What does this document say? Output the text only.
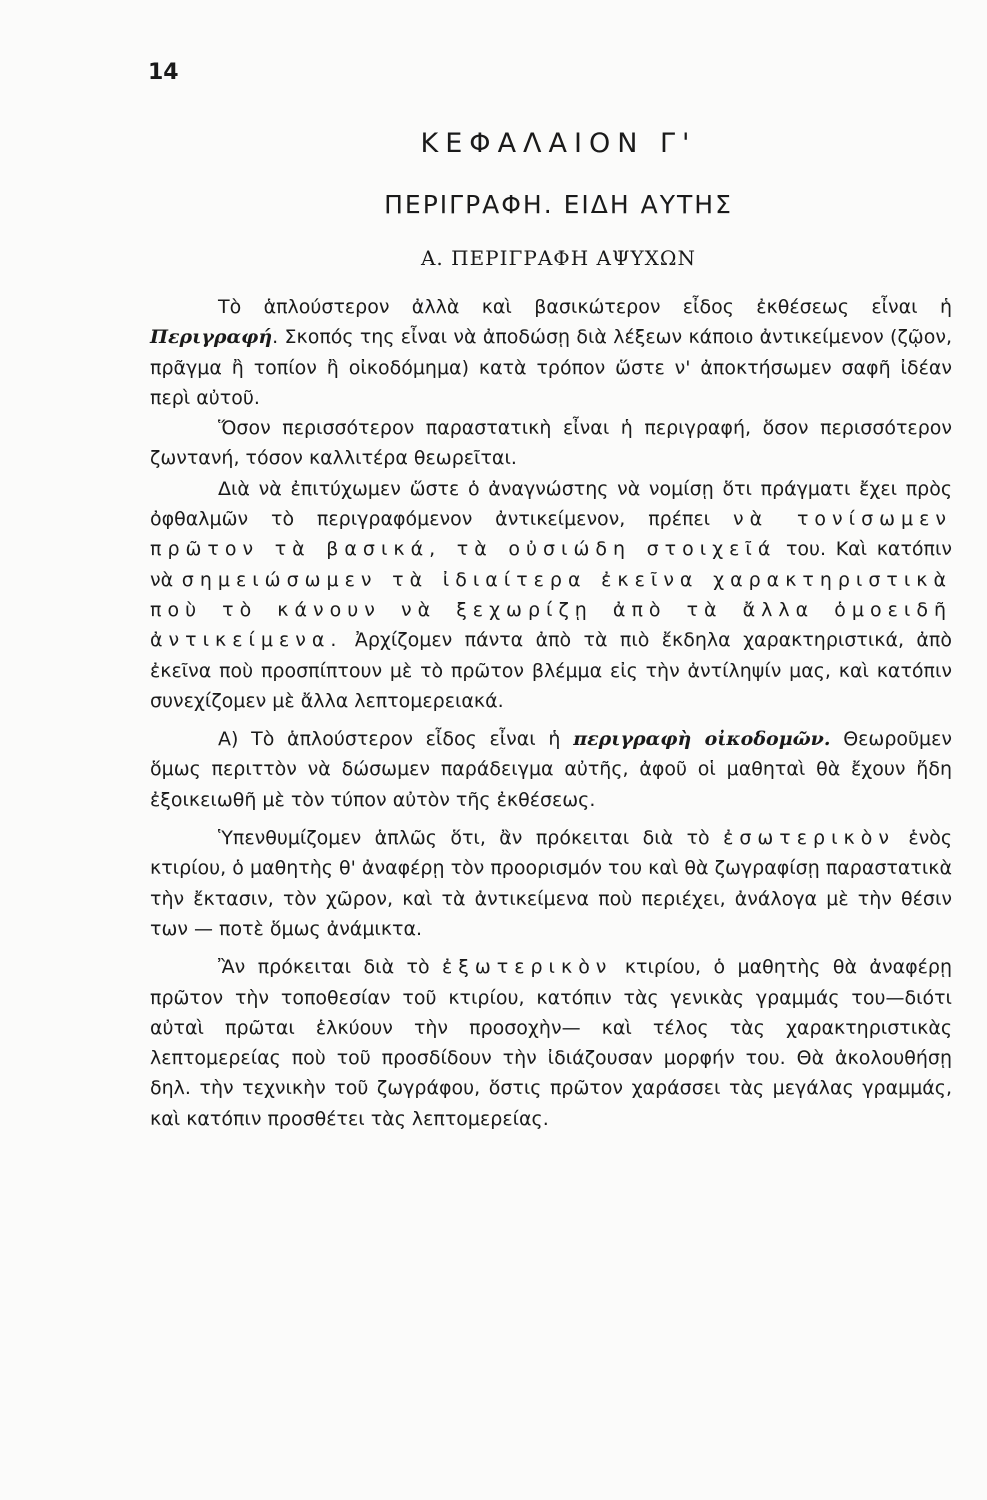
14
ΚΕΦΑΛΑΙΟΝ Γ'
ΠΕΡΙΓΡΑΦΗ. ΕΙΔΗ ΑΥΤΗΣ
Α. ΠΕΡΙΓΡΑΦΗ ΑΨΥΧΩΝ

Τὸ ἁπλούστερον ἀλλὰ καὶ βασικώτερον εἶδος ἐκθέσεως εἶναι ἡ Περιγραφή. Σκοπός της εἶναι νὰ ἀποδώσῃ διὰ λέξεων κάποιο ἀντικείμενον (ζῷον, πρᾶγμα ἢ τοπίον ἢ οἰκοδόμημα) κατὰ τρόπον ὥστε ν' ἀποκτήσωμεν σαφῆ ἰδέαν περὶ αὐτοῦ.

Ὅσον περισσότερον παραστατικὴ εἶναι ἡ περιγραφή, ὅσον περισσότερον ζωντανή, τόσον καλλιτέρα θεωρεῖται.

Διὰ νὰ ἐπιτύχωμεν ὥστε ὁ ἀναγνώστης νὰ νομίσῃ ὅτι πράγματι ἔχει πρὸς ὀφθαλμῶν τὸ περιγραφόμενον ἀντικείμενον, πρέπει νὰ τονίσωμεν πρῶτον τὰ βασικά, τὰ οὐσιώδη στοιχεῖά του. Καὶ κατόπιν νὰ σημειώσωμεν τὰ ἰδιαίτερα ἐκεῖνα χαρακτηριστικὰ ποὺ τὸ κάνουν νὰ ξεχωρίζῃ ἀπὸ τὰ ἄλλα ὁμοειδῆ ἀντικείμενα. Ἀρχίζομεν πάντα ἀπὸ τὰ πιὸ ἔκδηλα χαρακτηριστικά, ἀπὸ ἐκεῖνα ποὺ προσπίπτουν μὲ τὸ πρῶτον βλέμμα εἰς τὴν ἀντίληψίν μας, καὶ κατόπιν συνεχίζομεν μὲ ἄλλα λεπτομερειακά.

Α) Τὸ ἁπλούστερον εἶδος εἶναι ἡ περιγραφὴ οἰκοδομῶν. Θεωροῦμεν ὅμως περιττὸν νὰ δώσωμεν παράδειγμα αὐτῆς, ἀφοῦ οἱ μαθηταὶ θὰ ἔχουν ἤδη ἐξοικειωθῆ μὲ τὸν τύπον αὐτὸν τῆς ἐκθέσεως.

Ὑπενθυμίζομεν ἁπλῶς ὅτι, ἂν πρόκειται διὰ τὸ ἐσωτερικὸν ἑνὸς κτιρίου, ὁ μαθητὴς θ' ἀναφέρῃ τὸν προορισμόν του καὶ θὰ ζωγραφίσῃ παραστατικὰ τὴν ἔκτασιν, τὸν χῶρον, καὶ τὰ ἀντικείμενα ποὺ περιέχει, ἀνάλογα μὲ τὴν θέσιν των — ποτὲ ὅμως ἀνάμικτα.

Ἂν πρόκειται διὰ τὸ ἐξωτερικὸν κτιρίου, ὁ μαθητὴς θὰ ἀναφέρῃ πρῶτον τὴν τοποθεσίαν τοῦ κτιρίου, κατόπιν τὰς γενικὰς γραμμάς του—διότι αὐταὶ πρῶται ἑλκύουν τὴν προσοχὴν— καὶ τέλος τὰς χαρακτηριστικὰς λεπτομερείας ποὺ τοῦ προσδίδουν τὴν ἰδιάζουσαν μορφήν του. Θὰ ἀκολουθήσῃ δηλ. τὴν τεχνικὴν τοῦ ζωγράφου, ὅστις πρῶτον χαράσσει τὰς μεγάλας γραμμάς, καὶ κατόπιν προσθέτει τὰς λεπτομερείας.
